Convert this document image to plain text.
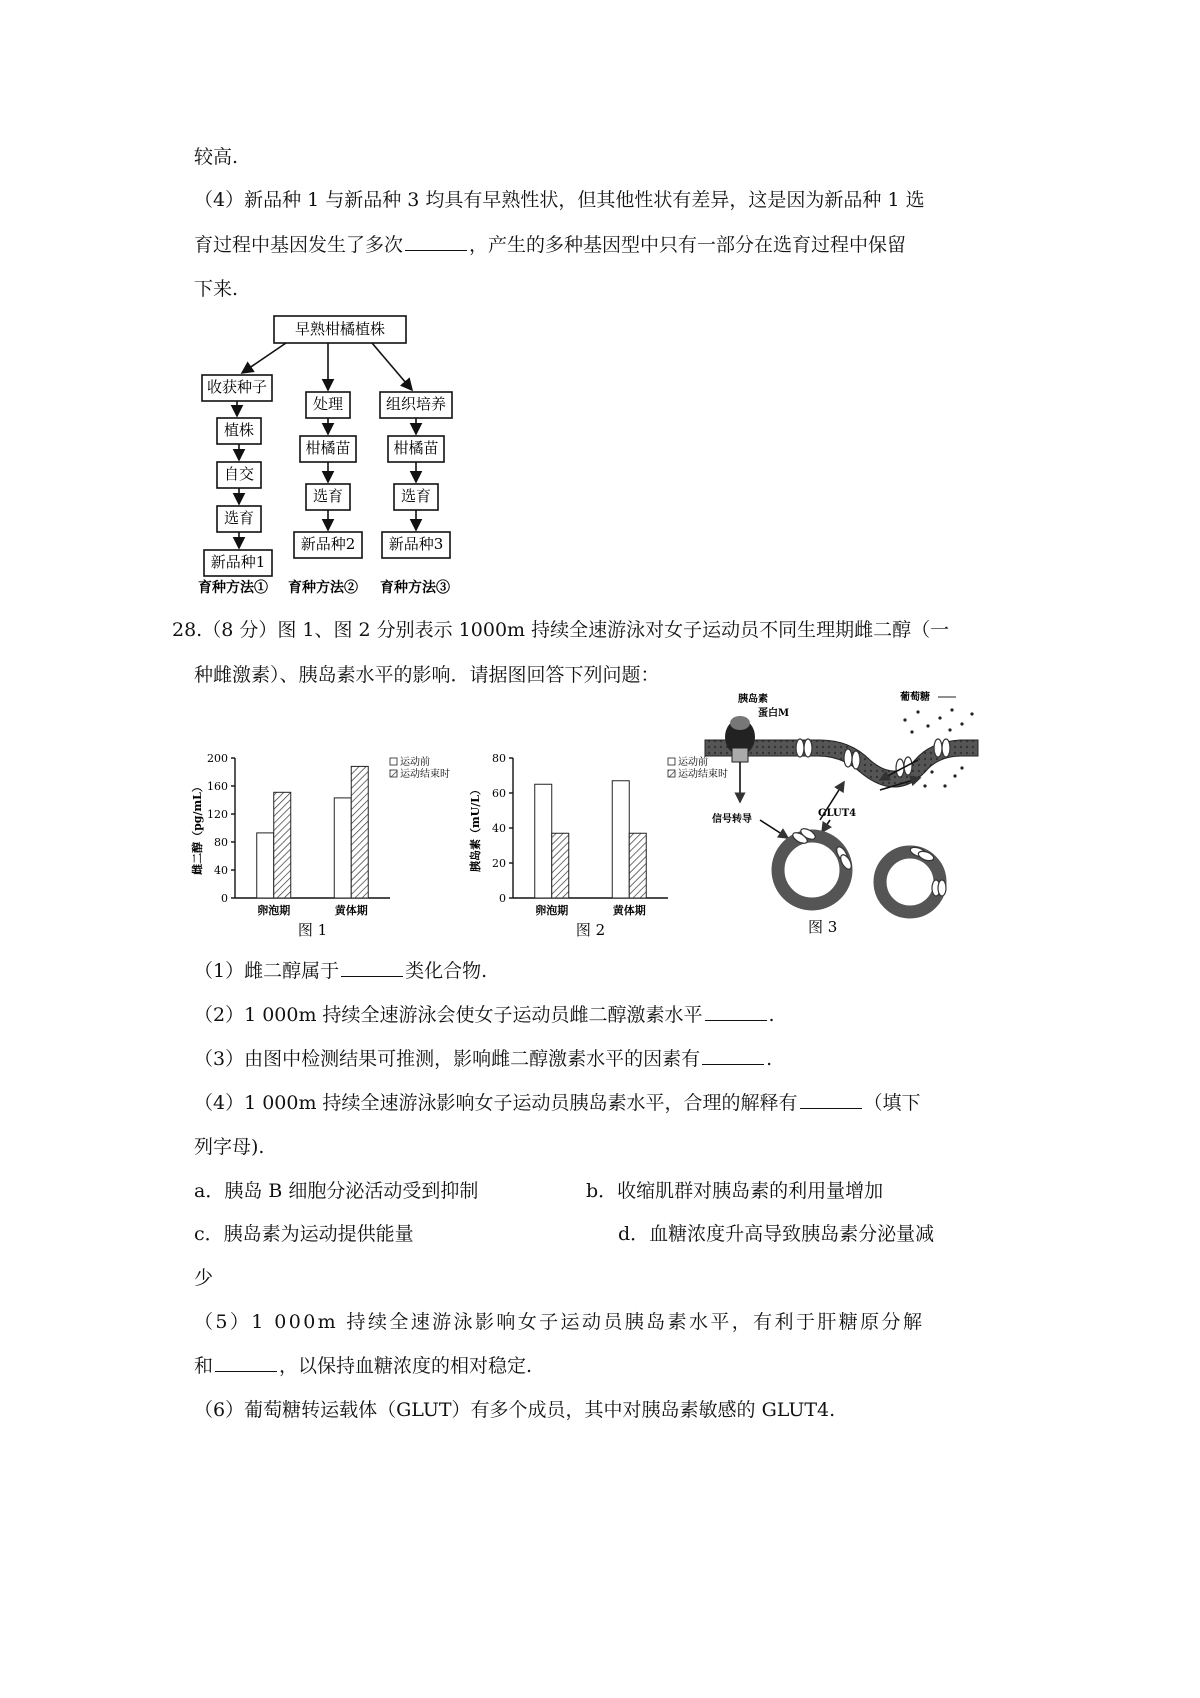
较高.
（4）新品种 1 与新品种 3 均具有早熟性状，但其他性状有差异，这是因为新品种 1 选
育过程中基因发生了多次	，产生的多种基因型中只有一部分在选育过程中保留
下来.
早熟柑橘植株
收获种子
植株
自交
选育
新品种1
处理
柑橘苗
选育
新品种2
组织培养
柑橘苗
选育
新品种3
育种方法① 育种方法② 育种方法③
28.（8 分）图 1、图 2 分别表示 1000m 持续全速游泳对女子运动员不同生理期雌二醇（一
种雌激素）、胰岛素水平的影响．请据图回答下列问题：
0
40
80
120
160
200
雌二醇（pg/mL）
卵泡期	黄体期
运动前
运动结束时
图 1
0
20
40
60
80
胰岛素（mU/L）
卵泡期	黄体期
运动前
运动结束时
图 2
胰岛素
蛋白M
葡萄糖
信号转导
GLUT4
图 3
（1）雌二醇属于	类化合物.
（2）1 000m 持续全速游泳会使女子运动员雌二醇激素水平	.
（3）由图中检测结果可推测，影响雌二醇激素水平的因素有	.
（4）1 000m 持续全速游泳影响女子运动员胰岛素水平，合理的解释有	（填下
列字母).
a．胰岛 B 细胞分泌活动受到抑制	b．收缩肌群对胰岛素的利用量增加
c．胰岛素为运动提供能量	d．血糖浓度升高导致胰岛素分泌量减
少
（5）1 000m 持续全速游泳影响女子运动员胰岛素水平，有利于肝糖原分解
和	，以保持血糖浓度的相对稳定.
（6）葡萄糖转运载体（GLUT）有多个成员，其中对胰岛素敏感的 GLUT4.
